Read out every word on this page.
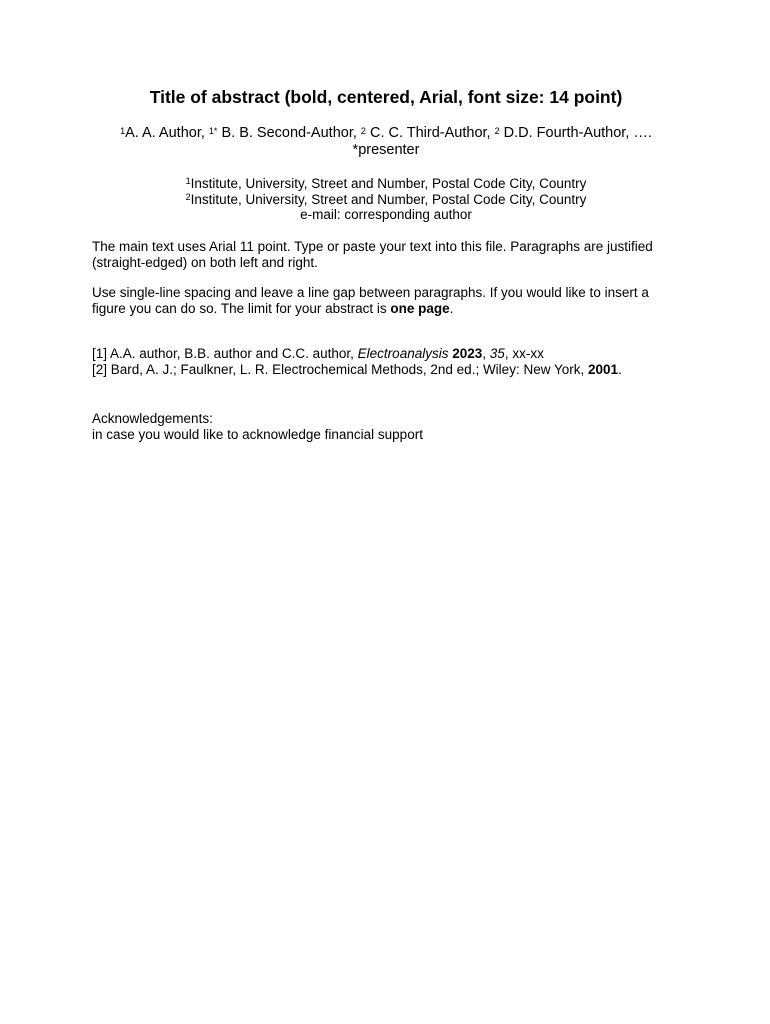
Title of abstract (bold, centered, Arial, font size: 14 point)
$^1$A. A. Author, $^{1*}$ B. B. Second-Author, $^2$ C. C. Third-Author, $^2$ D.D. Fourth-Author, ….
*presenter
$^1$Institute, University, Street and Number, Postal Code City, Country
$^2$Institute, University, Street and Number, Postal Code City, Country
e-mail: corresponding author
The main text uses Arial 11 point. Type or paste your text into this file. Paragraphs are justified
(straight-edged) on both left and right.
Use single-line spacing and leave a line gap between paragraphs. If you would like to insert a
figure you can do so. The limit for your abstract is one page.
[1] A.A. author, B.B. author and C.C. author, Electroanalysis 2023, 35, xx-xx
[2] Bard, A. J.; Faulkner, L. R. Electrochemical Methods, 2nd ed.; Wiley: New York, 2001.
Acknowledgements:
in case you would like to acknowledge financial support
